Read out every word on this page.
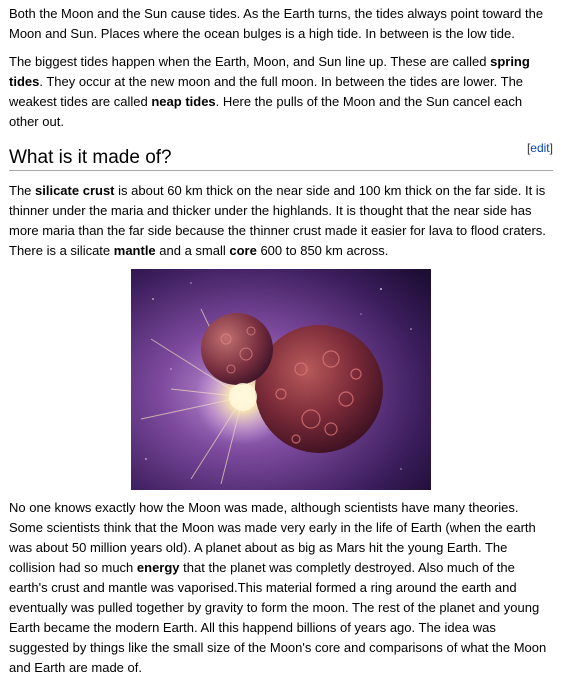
Both the Moon and the Sun cause tides. As the Earth turns, the tides always point toward the Moon and Sun. Places where the ocean bulges is a high tide. In between is the low tide.

The biggest tides happen when the Earth, Moon, and Sun line up. These are called spring tides. They occur at the new moon and the full moon. In between the tides are lower. The weakest tides are called neap tides. Here the pulls of the Moon and the Sun cancel each other out.

What is it made of?	[edit]

The silicate crust is about 60 km thick on the near side and 100 km thick on the far side. It is thinner under the maria and thicker under the highlands. It is thought that the near side has more maria than the far side because the thinner crust made it easier for lava to flood craters. There is a silicate mantle and a small core 600 to 850 km across.

No one knows exactly how the Moon was made, although scientists have many theories. Some scientists think that the Moon was made very early in the life of Earth (when the earth was about 50 million years old). A planet about as big as Mars hit the young Earth. The collision had so much energy that the planet was completly destroyed. Also much of the earth's crust and mantle was vaporised.This material formed a ring around the earth and eventually was pulled together by gravity to form the moon. The rest of the planet and young Earth became the modern Earth. All this happend billions of years ago. The idea was suggested by things like the small size of the Moon's core and comparisons of what the Moon and Earth are made of.
